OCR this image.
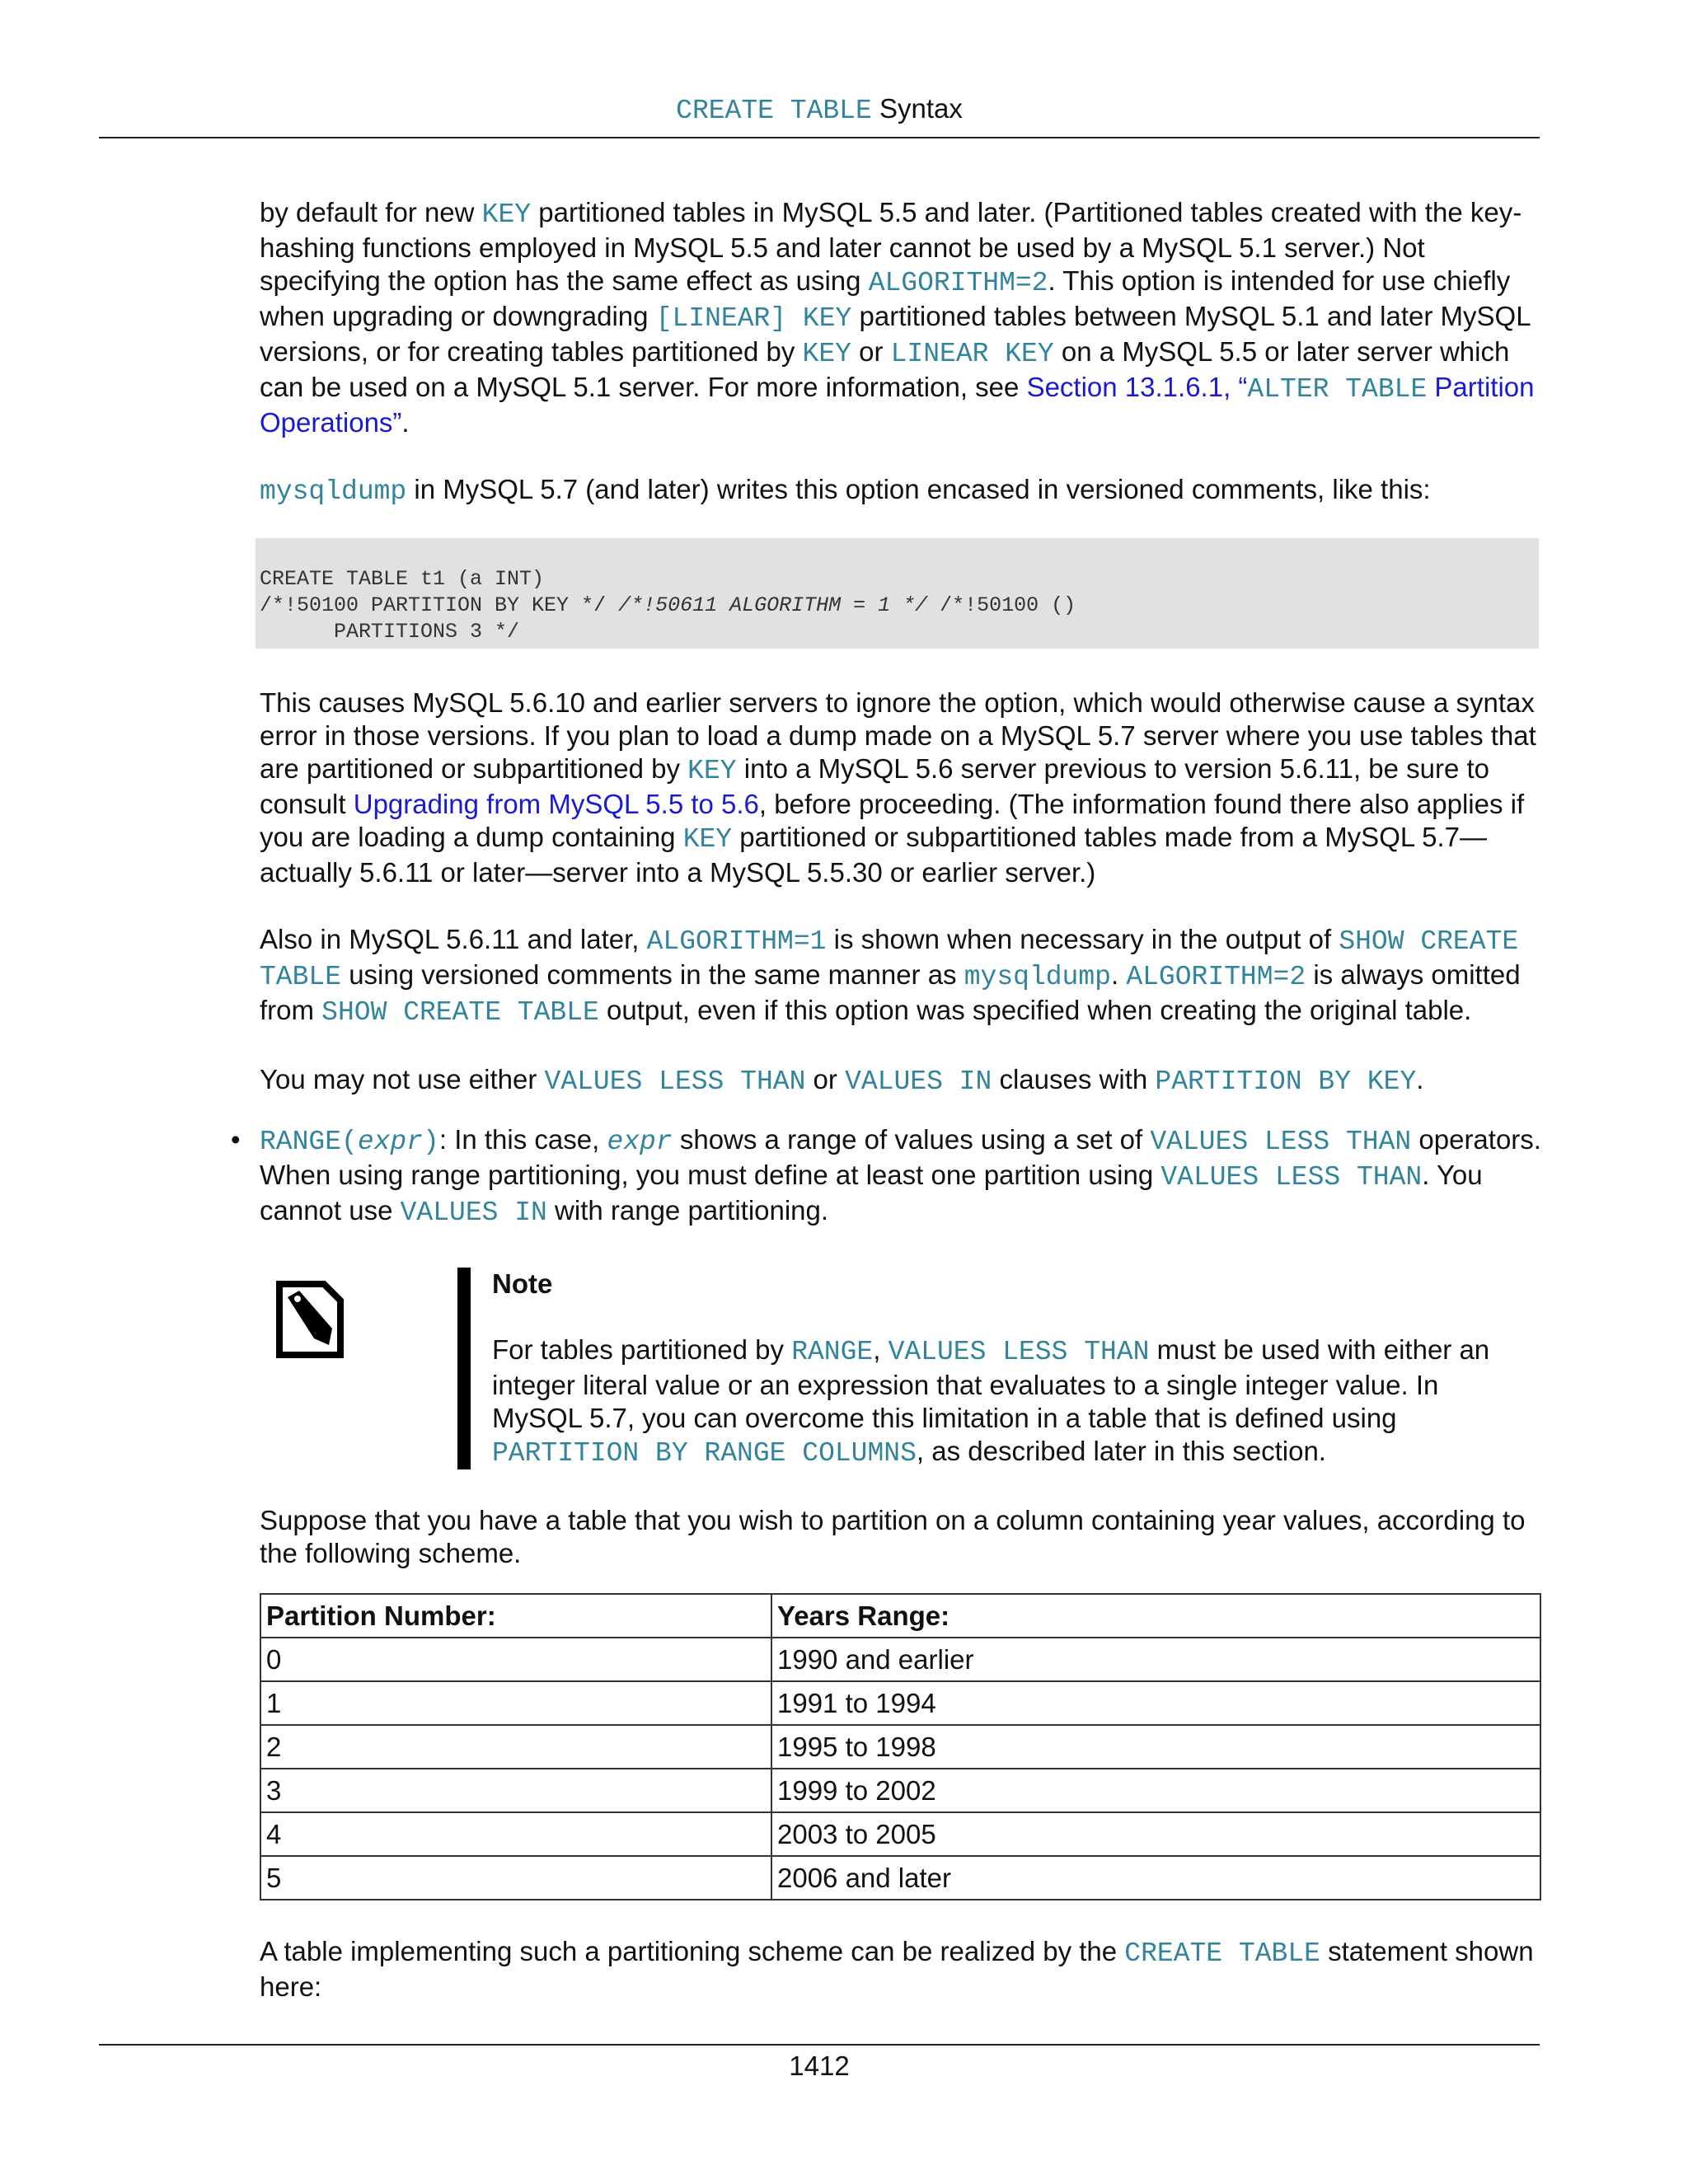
CREATE TABLE Syntax

by default for new KEY partitioned tables in MySQL 5.5 and later. (Partitioned tables created with the key-hashing functions employed in MySQL 5.5 and later cannot be used by a MySQL 5.1 server.) Not specifying the option has the same effect as using ALGORITHM=2. This option is intended for use chiefly when upgrading or downgrading [LINEAR] KEY partitioned tables between MySQL 5.1 and later MySQL versions, or for creating tables partitioned by KEY or LINEAR KEY on a MySQL 5.5 or later server which can be used on a MySQL 5.1 server. For more information, see Section 13.1.6.1, “ALTER TABLE Partition Operations”.

mysqldump in MySQL 5.7 (and later) writes this option encased in versioned comments, like this:

CREATE TABLE t1 (a INT)
/*!50100 PARTITION BY KEY */ /*!50611 ALGORITHM = 1 */ /*!50100 ()
PARTITIONS 3 */

This causes MySQL 5.6.10 and earlier servers to ignore the option, which would otherwise cause a syntax error in those versions. If you plan to load a dump made on a MySQL 5.7 server where you use tables that are partitioned or subpartitioned by KEY into a MySQL 5.6 server previous to version 5.6.11, be sure to consult Upgrading from MySQL 5.5 to 5.6, before proceeding. (The information found there also applies if you are loading a dump containing KEY partitioned or subpartitioned tables made from a MySQL 5.7—actually 5.6.11 or later—server into a MySQL 5.5.30 or earlier server.)

Also in MySQL 5.6.11 and later, ALGORITHM=1 is shown when necessary in the output of SHOW CREATE TABLE using versioned comments in the same manner as mysqldump. ALGORITHM=2 is always omitted from SHOW CREATE TABLE output, even if this option was specified when creating the original table.

You may not use either VALUES LESS THAN or VALUES IN clauses with PARTITION BY KEY.

• RANGE(expr): In this case, expr shows a range of values using a set of VALUES LESS THAN operators. When using range partitioning, you must define at least one partition using VALUES LESS THAN. You cannot use VALUES IN with range partitioning.
Note
For tables partitioned by RANGE, VALUES LESS THAN must be used with either an integer literal value or an expression that evaluates to a single integer value. In MySQL 5.7, you can overcome this limitation in a table that is defined using PARTITION BY RANGE COLUMNS, as described later in this section.

Suppose that you have a table that you wish to partition on a column containing year values, according to the following scheme.

Partition Number:	Years Range:
0	1990 and earlier
1	1991 to 1994
2	1995 to 1998
3	1999 to 2002
4	2003 to 2005
5	2006 and later

A table implementing such a partitioning scheme can be realized by the CREATE TABLE statement shown here:

1412
